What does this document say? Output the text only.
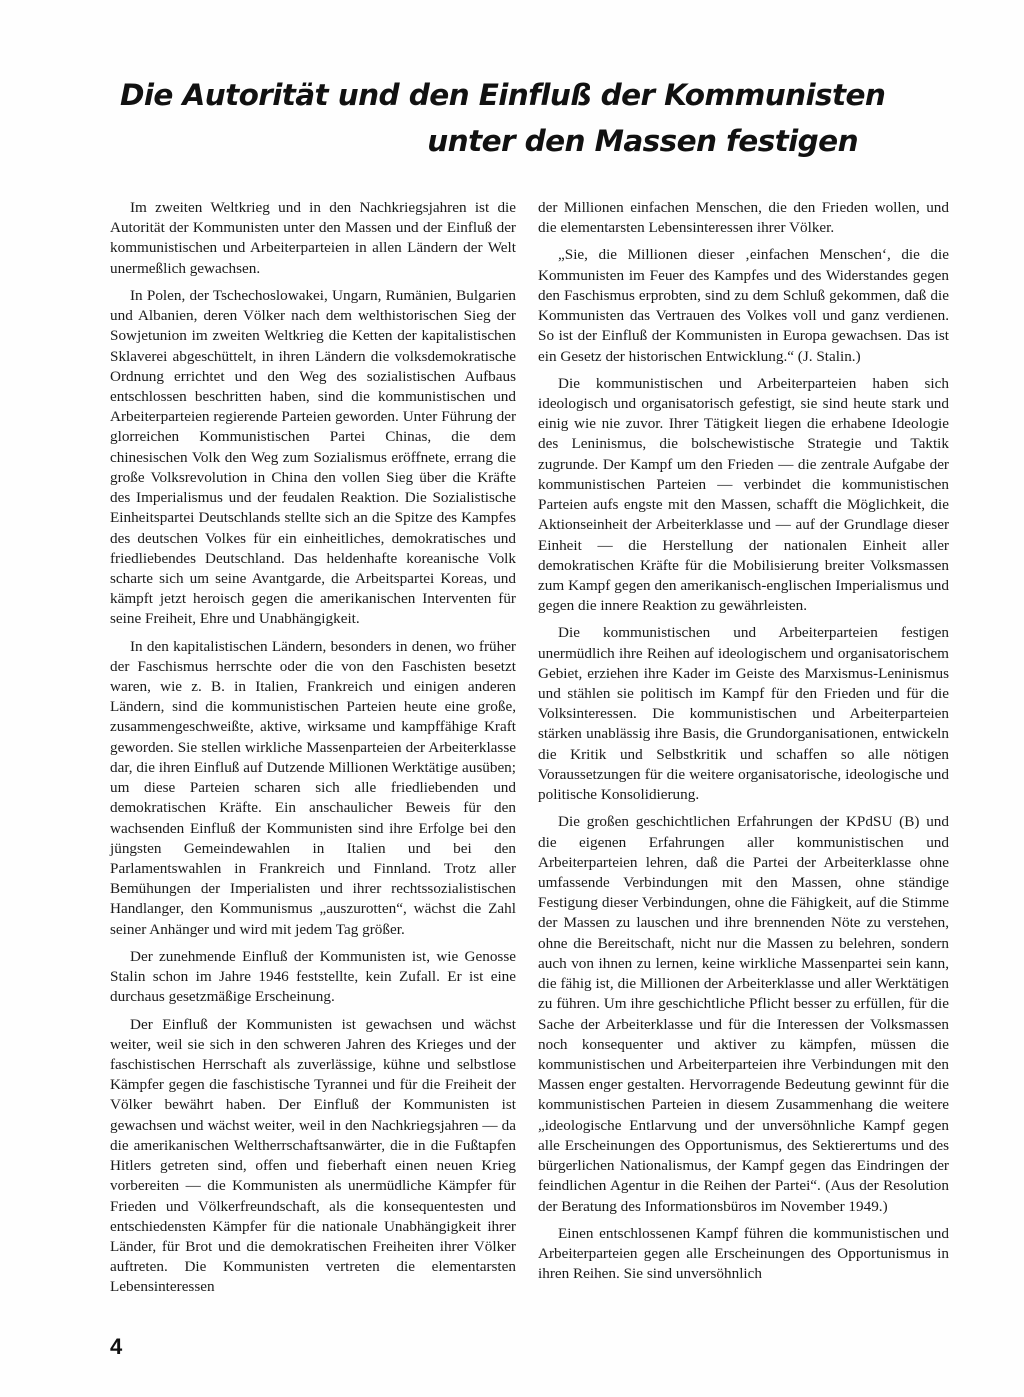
Die Autorität und den Einfluß der Kommunisten
unter den Massen festigen

Im zweiten Weltkrieg und in den Nachkriegsjahren ist die Autorität der Kommunisten unter den Massen und der Einfluß der kommunistischen und Arbeiterparteien in allen Ländern der Welt unermeßlich gewachsen.

In Polen, der Tschechoslowakei, Ungarn, Rumänien, Bulgarien und Albanien, deren Völker nach dem welthistorischen Sieg der Sowjetunion im zweiten Weltkrieg die Ketten der kapitalistischen Sklaverei abgeschüttelt, in ihren Ländern die volksdemokratische Ordnung errichtet und den Weg des sozialistischen Aufbaus entschlossen beschritten haben, sind die kommunistischen und Arbeiterparteien regierende Parteien geworden. Unter Führung der glorreichen Kommunistischen Partei Chinas, die dem chinesischen Volk den Weg zum Sozialismus eröffnete, errang die große Volksrevolution in China den vollen Sieg über die Kräfte des Imperialismus und der feudalen Reaktion. Die Sozialistische Einheitspartei Deutschlands stellte sich an die Spitze des Kampfes des deutschen Volkes für ein einheitliches, demokratisches und friedliebendes Deutschland. Das heldenhafte koreanische Volk scharte sich um seine Avantgarde, die Arbeitspartei Koreas, und kämpft jetzt heroisch gegen die amerikanischen Interventen für seine Freiheit, Ehre und Unabhängigkeit.

In den kapitalistischen Ländern, besonders in denen, wo früher der Faschismus herrschte oder die von den Faschisten besetzt waren, wie z. B. in Italien, Frankreich und einigen anderen Ländern, sind die kommunistischen Parteien heute eine große, zusammengeschweißte, aktive, wirksame und kampffähige Kraft geworden. Sie stellen wirkliche Massenparteien der Arbeiterklasse dar, die ihren Einfluß auf Dutzende Millionen Werktätige ausüben; um diese Parteien scharen sich alle friedliebenden und demokratischen Kräfte. Ein anschaulicher Beweis für den wachsenden Einfluß der Kommunisten sind ihre Erfolge bei den jüngsten Gemeindewahlen in Italien und bei den Parlamentswahlen in Frankreich und Finnland. Trotz aller Bemühungen der Imperialisten und ihrer rechtssozialistischen Handlanger, den Kommunismus „auszurotten“, wächst die Zahl seiner Anhänger und wird mit jedem Tag größer.

Der zunehmende Einfluß der Kommunisten ist, wie Genosse Stalin schon im Jahre 1946 feststellte, kein Zufall. Er ist eine durchaus gesetzmäßige Erscheinung.

Der Einfluß der Kommunisten ist gewachsen und wächst weiter, weil sie sich in den schweren Jahren des Krieges und der faschistischen Herrschaft als zuverlässige, kühne und selbstlose Kämpfer gegen die faschistische Tyrannei und für die Freiheit der Völker bewährt haben. Der Einfluß der Kommunisten ist gewachsen und wächst weiter, weil in den Nachkriegsjahren — da die amerikanischen Weltherrschaftsanwärter, die in die Fußtapfen Hitlers getreten sind, offen und fieberhaft einen neuen Krieg vorbereiten — die Kommunisten als unermüdliche Kämpfer für Frieden und Völkerfreundschaft, als die konsequentesten und entschiedensten Kämpfer für die nationale Unabhängigkeit ihrer Länder, für Brot und die demokratischen Freiheiten ihrer Völker auftreten. Die Kommunisten vertreten die elementarsten Lebensinteressen

der Millionen einfachen Menschen, die den Frieden wollen, und die elementarsten Lebensinteressen ihrer Völker.

„Sie, die Millionen dieser ‚einfachen Menschen‘, die die Kommunisten im Feuer des Kampfes und des Widerstandes gegen den Faschismus erprobten, sind zu dem Schluß gekommen, daß die Kommunisten das Vertrauen des Volkes voll und ganz verdienen. So ist der Einfluß der Kommunisten in Europa gewachsen. Das ist ein Gesetz der historischen Entwicklung.“ (J. Stalin.)

Die kommunistischen und Arbeiterparteien haben sich ideologisch und organisatorisch gefestigt, sie sind heute stark und einig wie nie zuvor. Ihrer Tätigkeit liegen die erhabene Ideologie des Leninismus, die bolschewistische Strategie und Taktik zugrunde. Der Kampf um den Frieden — die zentrale Aufgabe der kommunistischen Parteien — verbindet die kommunistischen Parteien aufs engste mit den Massen, schafft die Möglichkeit, die Aktionseinheit der Arbeiterklasse und — auf der Grundlage dieser Einheit — die Herstellung der nationalen Einheit aller demokratischen Kräfte für die Mobilisierung breiter Volksmassen zum Kampf gegen den amerikanisch-englischen Imperialismus und gegen die innere Reaktion zu gewährleisten.

Die kommunistischen und Arbeiterparteien festigen unermüdlich ihre Reihen auf ideologischem und organisatorischem Gebiet, erziehen ihre Kader im Geiste des Marxismus-Leninismus und stählen sie politisch im Kampf für den Frieden und für die Volksinteressen. Die kommunistischen und Arbeiterparteien stärken unablässig ihre Basis, die Grundorganisationen, entwickeln die Kritik und Selbstkritik und schaffen so alle nötigen Voraussetzungen für die weitere organisatorische, ideologische und politische Konsolidierung.

Die großen geschichtlichen Erfahrungen der KPdSU (B) und die eigenen Erfahrungen aller kommunistischen und Arbeiterparteien lehren, daß die Partei der Arbeiterklasse ohne umfassende Verbindungen mit den Massen, ohne ständige Festigung dieser Verbindungen, ohne die Fähigkeit, auf die Stimme der Massen zu lauschen und ihre brennenden Nöte zu verstehen, ohne die Bereitschaft, nicht nur die Massen zu belehren, sondern auch von ihnen zu lernen, keine wirkliche Massenpartei sein kann, die fähig ist, die Millionen der Arbeiterklasse und aller Werktätigen zu führen. Um ihre geschichtliche Pflicht besser zu erfüllen, für die Sache der Arbeiterklasse und für die Interessen der Volksmassen noch konsequenter und aktiver zu kämpfen, müssen die kommunistischen und Arbeiterparteien ihre Verbindungen mit den Massen enger gestalten. Hervorragende Bedeutung gewinnt für die kommunistischen Parteien in diesem Zusammenhang die weitere „ideologische Entlarvung und der unversöhnliche Kampf gegen alle Erscheinungen des Opportunismus, des Sektierertums und des bürgerlichen Nationalismus, der Kampf gegen das Eindringen der feindlichen Agentur in die Reihen der Partei“. (Aus der Resolution der Beratung des Informationsbüros im November 1949.)

Einen entschlossenen Kampf führen die kommunistischen und Arbeiterparteien gegen alle Erscheinungen des Opportunismus in ihren Reihen. Sie sind unversöhnlich

4
